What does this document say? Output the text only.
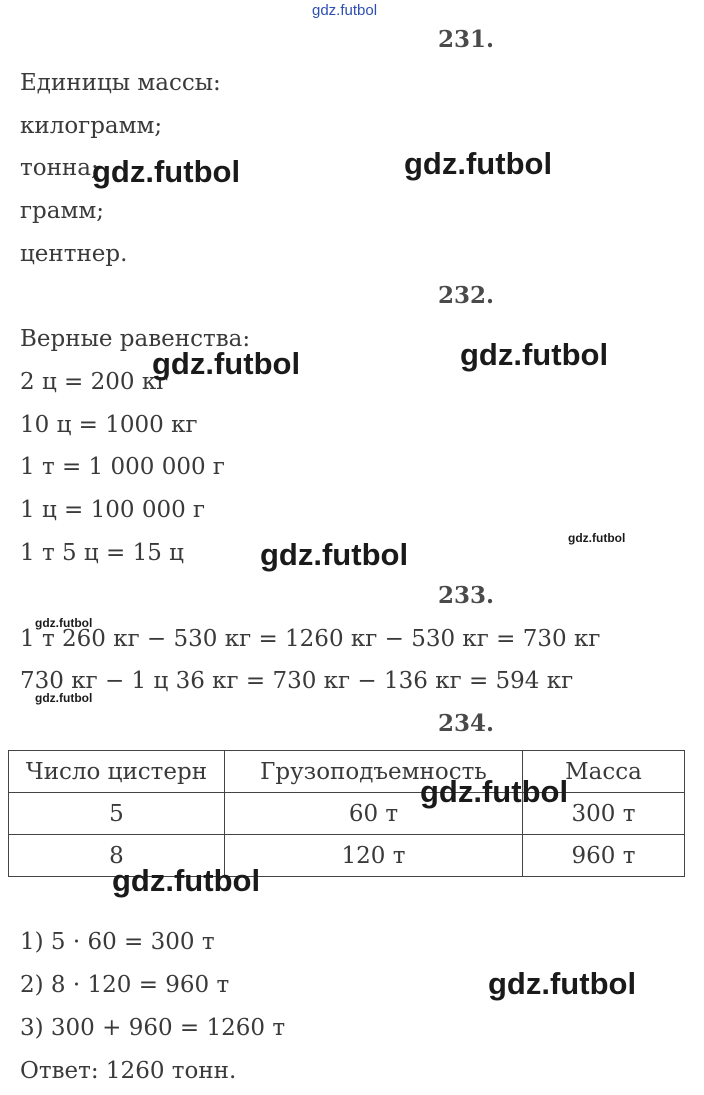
gdz.futbol
231.
Единицы массы:
килограмм;
тонна;
грамм;
центнер.
232.
Верные равенства:
2 ц = 200 кг
10 ц = 1000 кг
1 т = 1 000 000 г
1 ц = 100 000 г
1 т 5 ц = 15 ц
233.
1 т 260 кг − 530 кг = 1260 кг − 530 кг = 730 кг
730 кг − 1 ц 36 кг = 730 кг − 136 кг = 594 кг
234.
Число цистерн	Грузоподъемность	Масса
5	60 т	300 т
8	120 т	960 т
1) 5 · 60 = 300 т
2) 8 · 120 = 960 т
3) 300 + 960 = 1260 т
Ответ: 1260 тонн.
gdz.futbol	gdz.futbol
gdz.futbol	gdz.futbol
gdz.futbol
gdz.futbol
gdz.futbol
gdz.futbol
gdz.futbol
gdz.futbol
gdz.futbol
